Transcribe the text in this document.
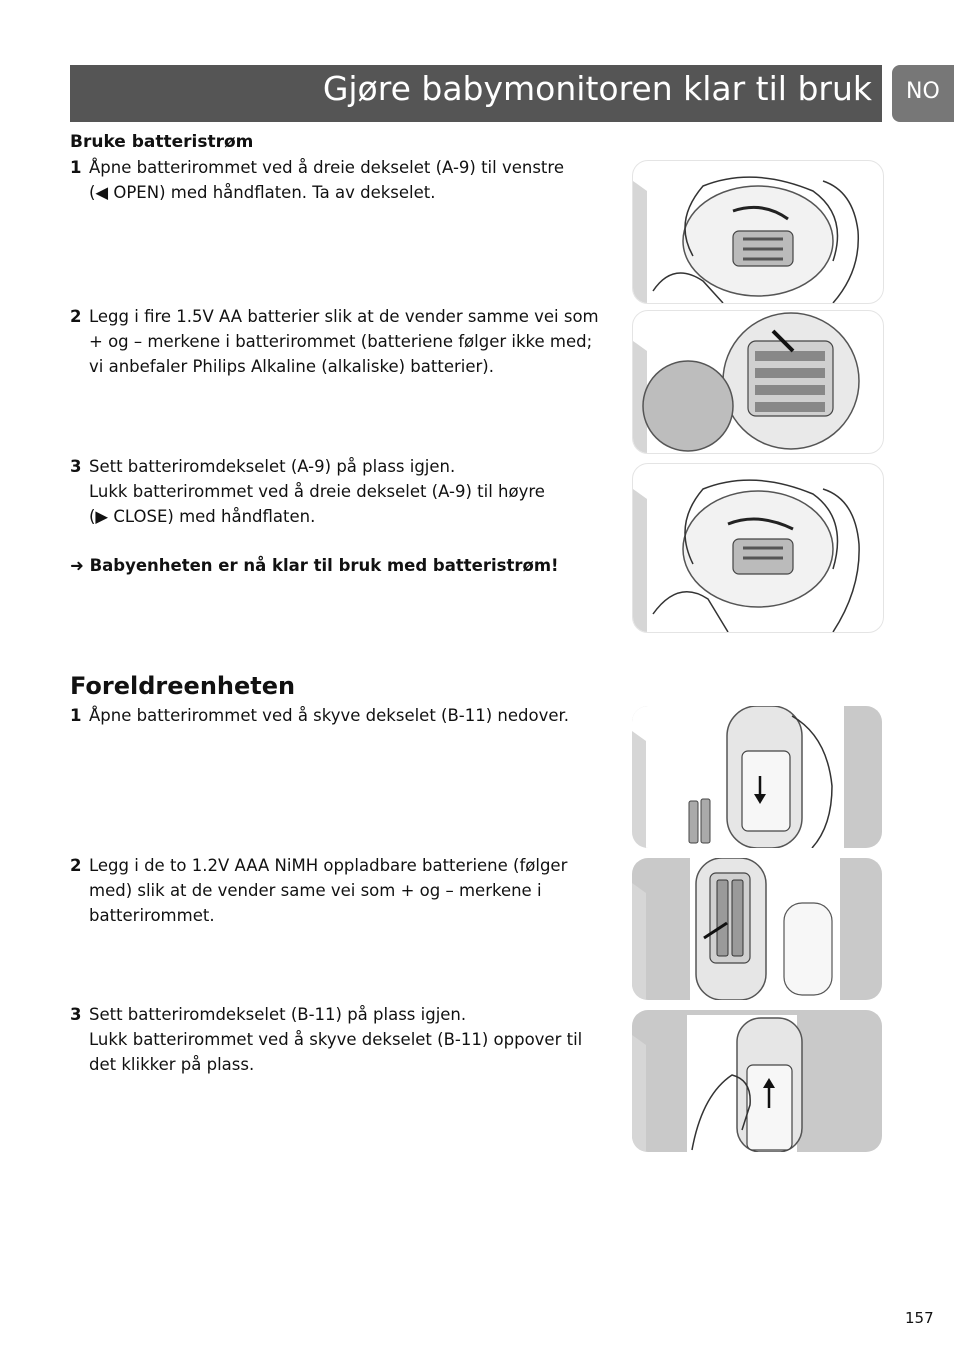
Gjøre babymonitoren klar til bruk NO
Bruke batteristrøm
1 Åpne batterirommet ved å dreie dekselet (A-9) til venstre
(◀ OPEN) med håndflaten. Ta av dekselet.
2 Legg i fire 1.5V AA batterier slik at de vender samme vei som
+ og – merkene i batterirommet (batteriene følger ikke med;
vi anbefaler Philips Alkaline (alkaliske) batterier).
3 Sett batteriromdekselet (A-9) på plass igjen.
Lukk batterirommet ved å dreie dekselet (A-9) til høyre
(▶ CLOSE) med håndflaten.
➜ Babyenheten er nå klar til bruk med batteristrøm!
Foreldreenheten
1 Åpne batterirommet ved å skyve dekselet (B-11) nedover.
2 Legg i de to 1.2V AAA NiMH oppladbare batteriene (følger
med) slik at de vender same vei som + og – merkene i
batterirommet.
3 Sett batteriromdekselet (B-11) på plass igjen.
Lukk batterirommet ved å skyve dekselet (B-11) oppover til
det klikker på plass.
157
